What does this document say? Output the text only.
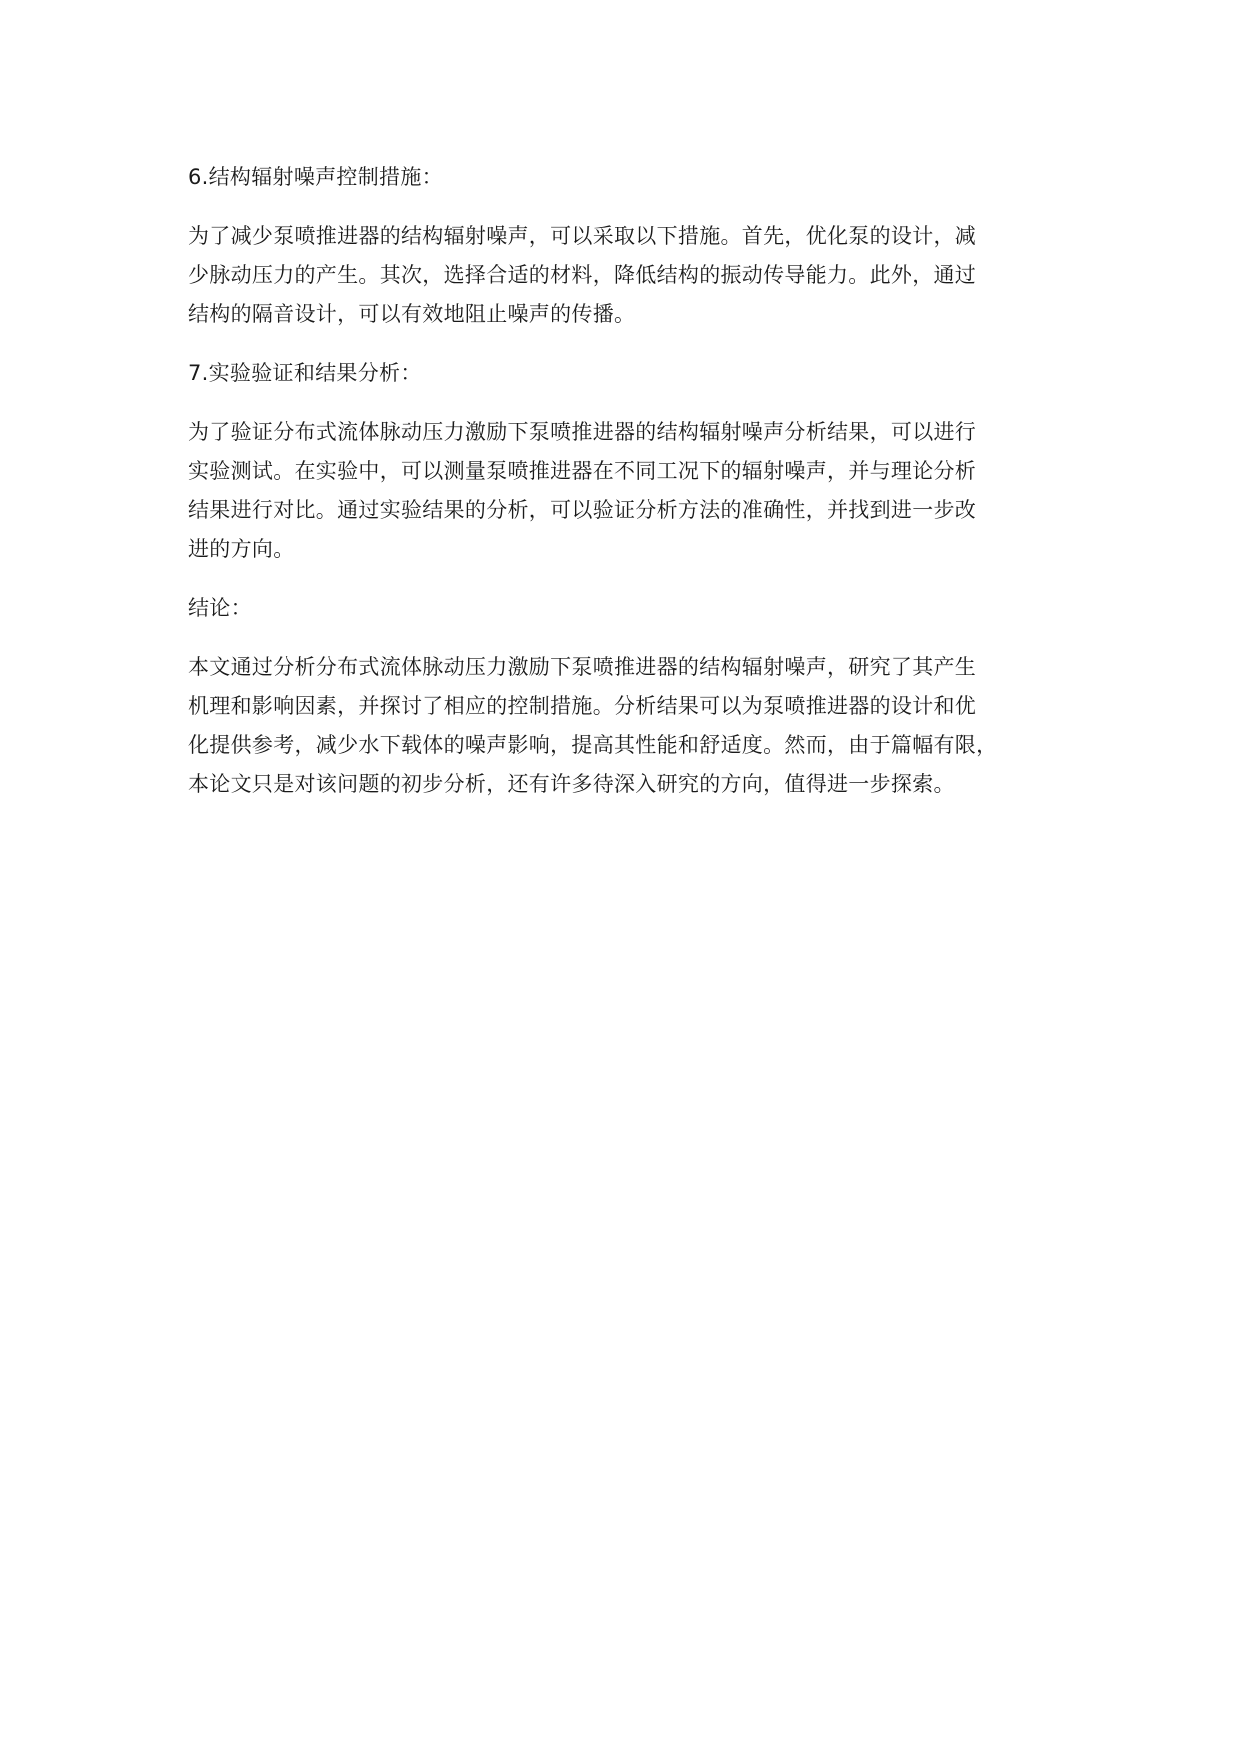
6.结构辐射噪声控制措施：

为了减少泵喷推进器的结构辐射噪声，可以采取以下措施。首先，优化泵的设计，减
少脉动压力的产生。其次，选择合适的材料，降低结构的振动传导能力。此外，通过
结构的隔音设计，可以有效地阻止噪声的传播。

7.实验验证和结果分析：

为了验证分布式流体脉动压力激励下泵喷推进器的结构辐射噪声分析结果，可以进行
实验测试。在实验中，可以测量泵喷推进器在不同工况下的辐射噪声，并与理论分析
结果进行对比。通过实验结果的分析，可以验证分析方法的准确性，并找到进一步改
进的方向。

结论：

本文通过分析分布式流体脉动压力激励下泵喷推进器的结构辐射噪声，研究了其产生
机理和影响因素，并探讨了相应的控制措施。分析结果可以为泵喷推进器的设计和优
化提供参考，减少水下载体的噪声影响，提高其性能和舒适度。然而，由于篇幅有限，
本论文只是对该问题的初步分析，还有许多待深入研究的方向，值得进一步探索。
